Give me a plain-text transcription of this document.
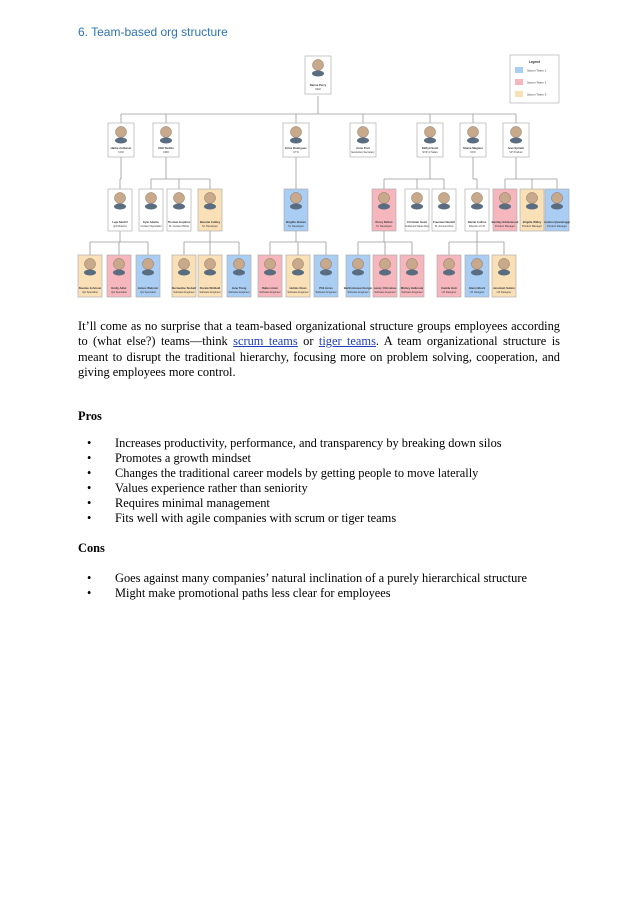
6. Team-based org structure
Nanna Perry
CEO
Hattie Ardbesar
COO
Zhill Stebbs
CMO
Erica Rodrigues
CTO
Anne Post
Executive Secretary
Daffyd Scott
SVP of Sales
Shana Maguire
CFO
Ivan Sprietti
VP Product
Leja Sardril
QA Director
Kyle Adams
Content Specialist
Thomas Hopkins
Sr. Content Writer
Benetta Cubley
Sr. Developer
Brigitte Bowen
Sr. Developer
Percy Deltan
Sr. Developer
Christian Geelt
Outbound Sales Rep
Freeman Nesbitt
Sr. Account Rep
Daniel Collins
Director of UX
Bentley Eddenwood
Product Manager
Brigitte Willey
Product Manager
Andrea Quaranaggi
Product Manager
Noemie Johnson
QA Specialist
Emily Adler
QA Specialist
James Webster
QA Specialist
Bernadine Siobell
Software Engineer
Dorata Winfield
Software Engineer
Jane Tiang
Software Engineer
Dalia Linton
Software Engineer
Helmis Doan
Software Engineer
Phil Acres
Software Engineer
Bartholomew Giorgio
Software Engineer
Lancy Christmas
Software Engineer
Mickey Holbrook
Software Engineer
Camila Holz
UX Designer
Glenn Block
UX Designer
Jeremiah Sutton
UX Designer
Legend
Scrum Team 1
Scrum Team 2
Scrum Team 3
It’ll come as no surprise that a team-based organizational structure groups employees according to (what else?) teams—think scrum teams or tiger teams. A team organizational structure is meant to disrupt the traditional hierarchy, focusing more on problem solving, cooperation, and giving employees more control.
Pros
• Increases productivity, performance, and transparency by breaking down silos
• Promotes a growth mindset
• Changes the traditional career models by getting people to move laterally
• Values experience rather than seniority
• Requires minimal management
• Fits well with agile companies with scrum or tiger teams
Cons
• Goes against many companies’ natural inclination of a purely hierarchical structure
• Might make promotional paths less clear for employees
